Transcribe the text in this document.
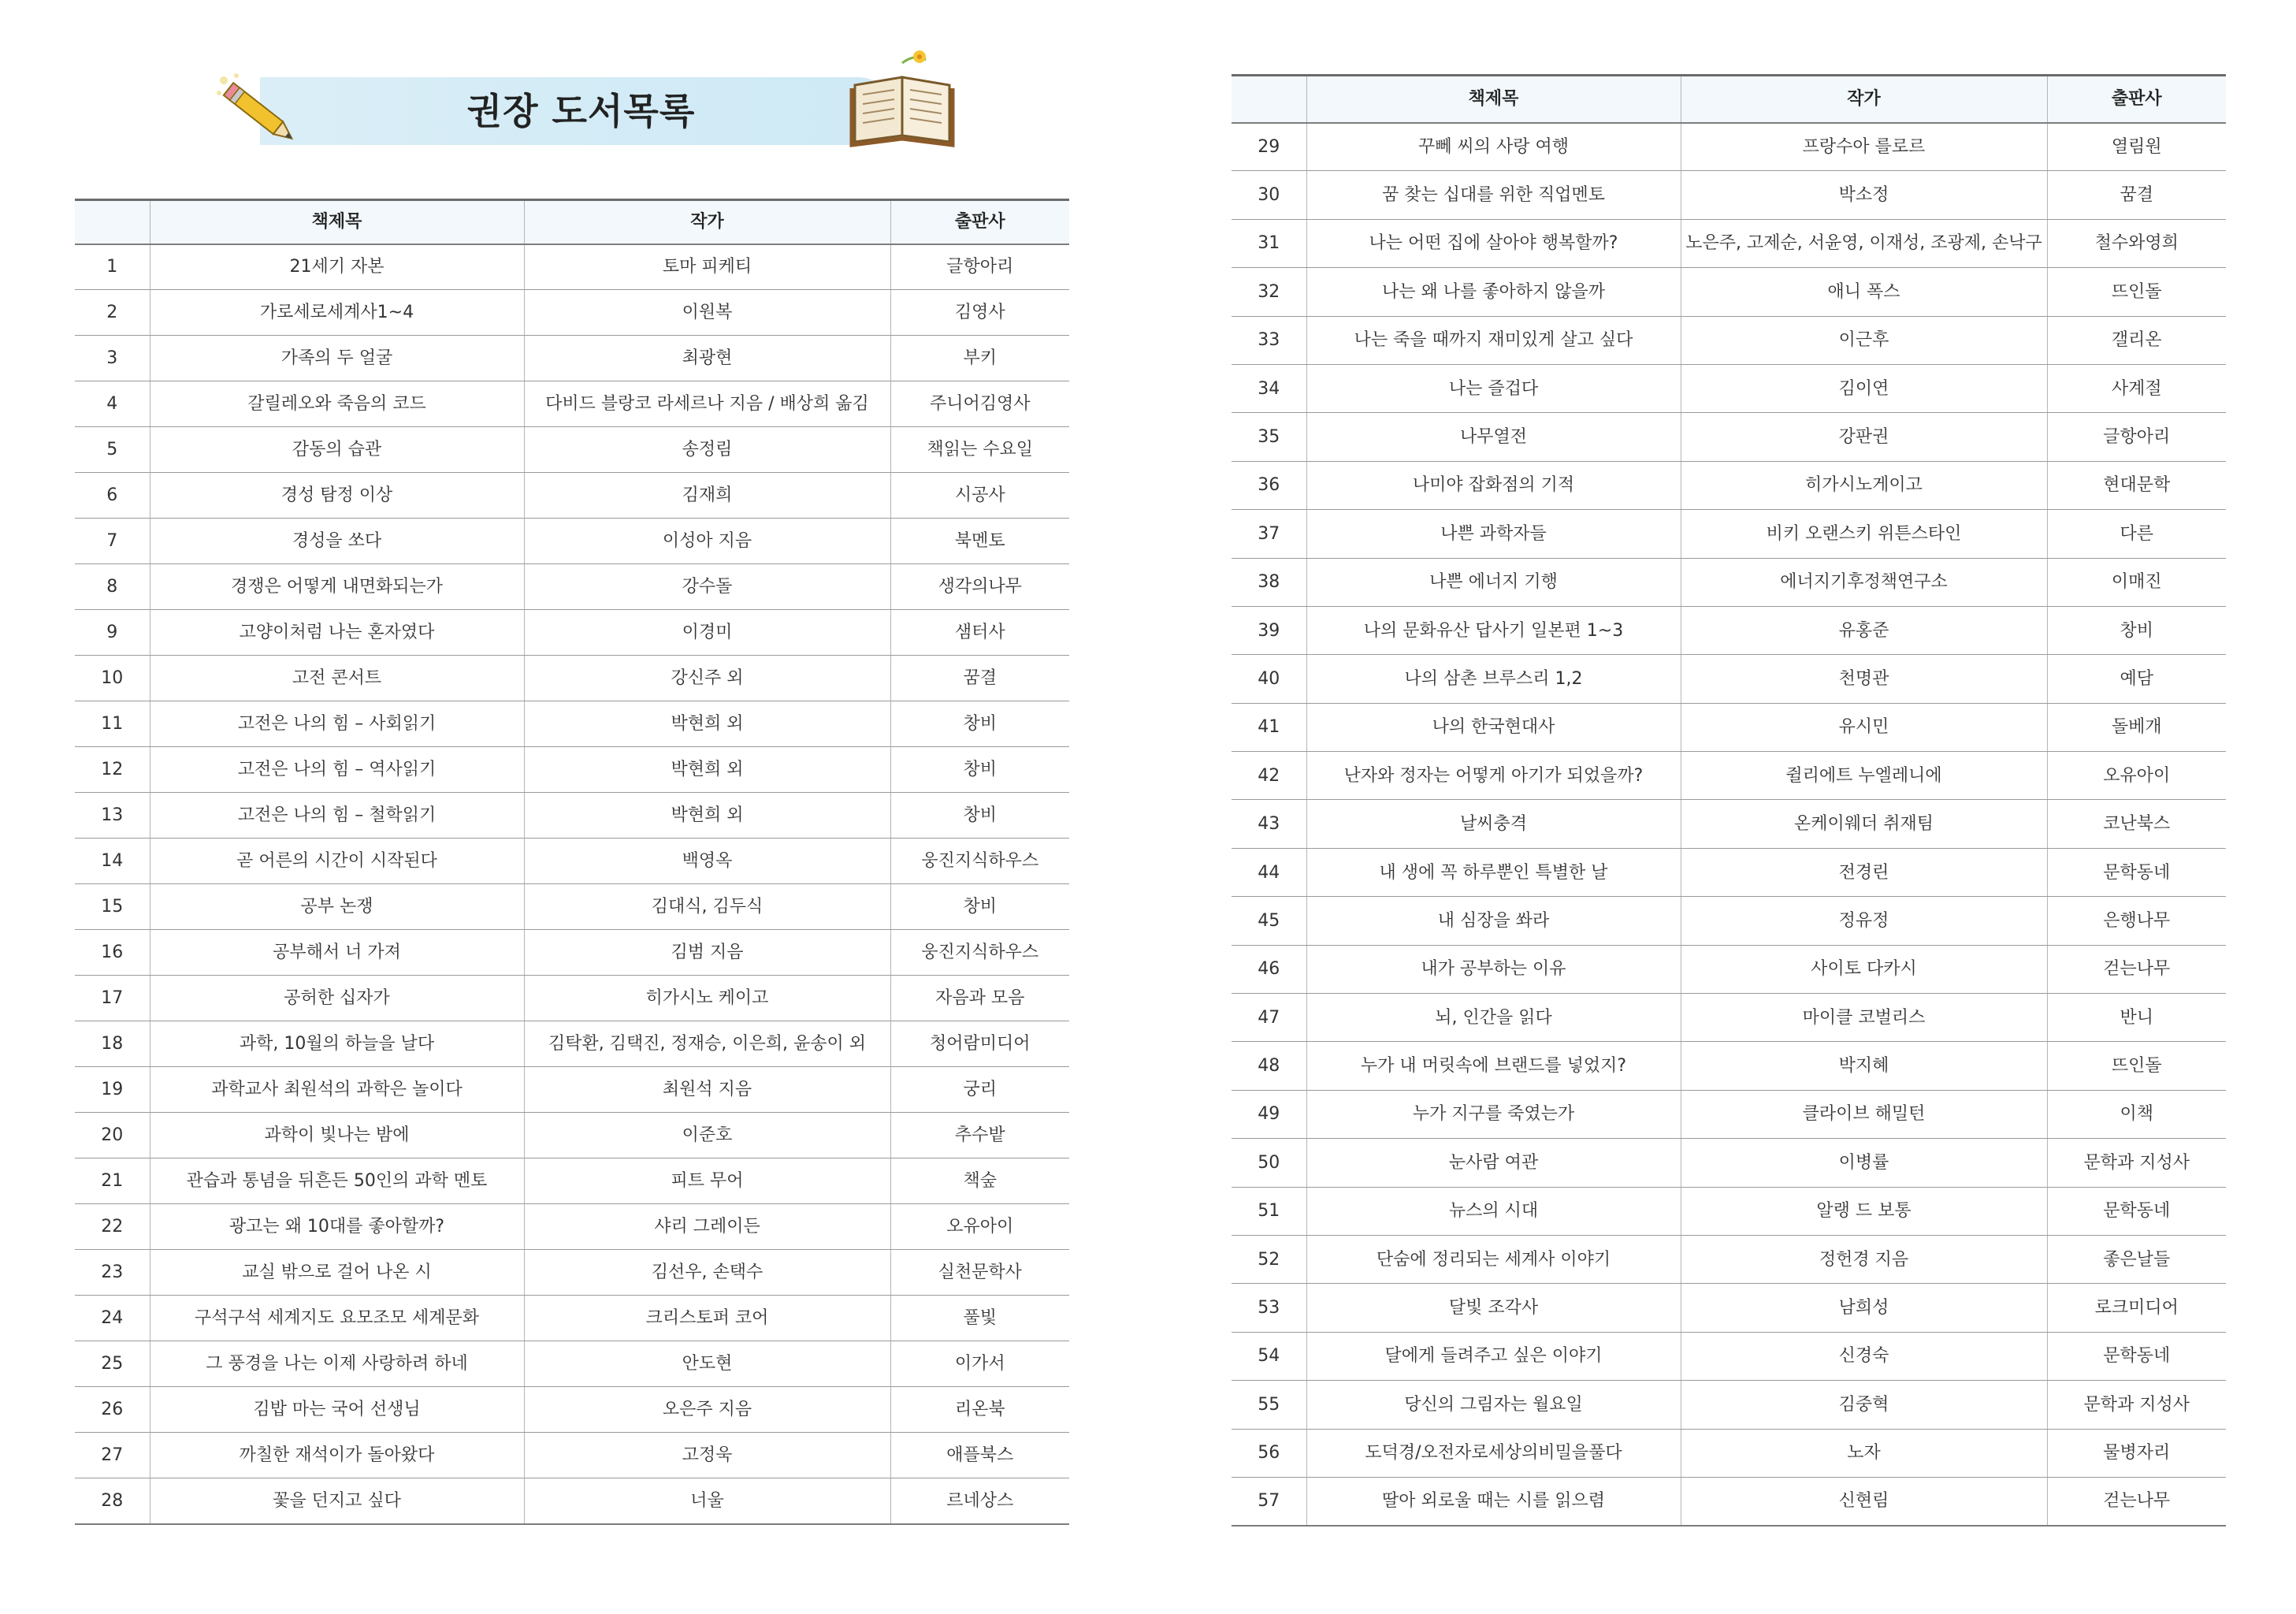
권장 도서목록
	책제목	작가	출판사
1	21세기 자본	토마 피케티	글항아리
2	가로세로세계사1~4	이원복	김영사
3	가족의 두 얼굴	최광현	부키
4	갈릴레오와 죽음의 코드	다비드 블랑코 라세르나 지음 / 배상희 옮김	주니어김영사
5	감동의 습관	송정림	책읽는 수요일
6	경성 탐정 이상	김재희	시공사
7	경성을 쏘다	이성아 지음	북멘토
8	경쟁은 어떻게 내면화되는가	강수돌	생각의나무
9	고양이처럼 나는 혼자였다	이경미	샘터사
10	고전 콘서트	강신주 외	꿈결
11	고전은 나의 힘 – 사회읽기	박현희 외	창비
12	고전은 나의 힘 – 역사읽기	박현희 외	창비
13	고전은 나의 힘 – 철학읽기	박현희 외	창비
14	곧 어른의 시간이 시작된다	백영옥	웅진지식하우스
15	공부 논쟁	김대식, 김두식	창비
16	공부해서 너 가져	김범 지음	웅진지식하우스
17	공허한 십자가	히가시노 케이고	자음과 모음
18	과학, 10월의 하늘을 날다	김탁환, 김택진, 정재승, 이은희, 윤송이 외	청어람미디어
19	과학교사 최원석의 과학은 놀이다	최원석 지음	궁리
20	과학이 빛나는 밤에	이준호	추수밭
21	관습과 통념을 뒤흔든 50인의 과학 멘토	피트 무어	책숲
22	광고는 왜 10대를 좋아할까?	샤리 그레이든	오유아이
23	교실 밖으로 걸어 나온 시	김선우, 손택수	실천문학사
24	구석구석 세계지도 요모조모 세계문화	크리스토퍼 코어	풀빛
25	그 풍경을 나는 이제 사랑하려 하네	안도현	이가서
26	김밥 마는 국어 선생님	오은주 지음	리온북
27	까칠한 재석이가 돌아왔다	고정욱	애플북스
28	꽃을 던지고 싶다	너울	르네상스
	책제목	작가	출판사
29	꾸뻬 씨의 사랑 여행	프랑수아 를로르	열림원
30	꿈 찾는 십대를 위한 직업멘토	박소정	꿈결
31	나는 어떤 집에 살아야 행복할까?	노은주, 고제순, 서윤영, 이재성, 조광제, 손낙구	철수와영희
32	나는 왜 나를 좋아하지 않을까	애니 폭스	뜨인돌
33	나는 죽을 때까지 재미있게 살고 싶다	이근후	갤리온
34	나는 즐겁다	김이연	사계절
35	나무열전	강판권	글항아리
36	나미야 잡화점의 기적	히가시노게이고	현대문학
37	나쁜 과학자들	비키 오랜스키 위튼스타인	다른
38	나쁜 에너지 기행	에너지기후정책연구소	이매진
39	나의 문화유산 답사기 일본편 1~3	유홍준	창비
40	나의 삼촌 브루스리 1,2	천명관	예담
41	나의 한국현대사	유시민	돌베개
42	난자와 정자는 어떻게 아기가 되었을까?	쥘리에트 누엘레니에	오유아이
43	날씨충격	온케이웨더 취재팀	코난북스
44	내 생에 꼭 하루뿐인 특별한 날	전경린	문학동네
45	내 심장을 쏴라	정유정	은행나무
46	내가 공부하는 이유	사이토 다카시	걷는나무
47	뇌, 인간을 읽다	마이클 코벌리스	반니
48	누가 내 머릿속에 브랜드를 넣었지?	박지혜	뜨인돌
49	누가 지구를 죽였는가	클라이브 해밀턴	이책
50	눈사람 여관	이병률	문학과 지성사
51	뉴스의 시대	알랭 드 보통	문학동네
52	단숨에 정리되는 세계사 이야기	정헌경 지음	좋은날들
53	달빛 조각사	남희성	로크미디어
54	달에게 들려주고 싶은 이야기	신경숙	문학동네
55	당신의 그림자는 월요일	김중혁	문학과 지성사
56	도덕경/오전자로세상의비밀을풀다	노자	물병자리
57	딸아 외로울 때는 시를 읽으렴	신현림	걷는나무
